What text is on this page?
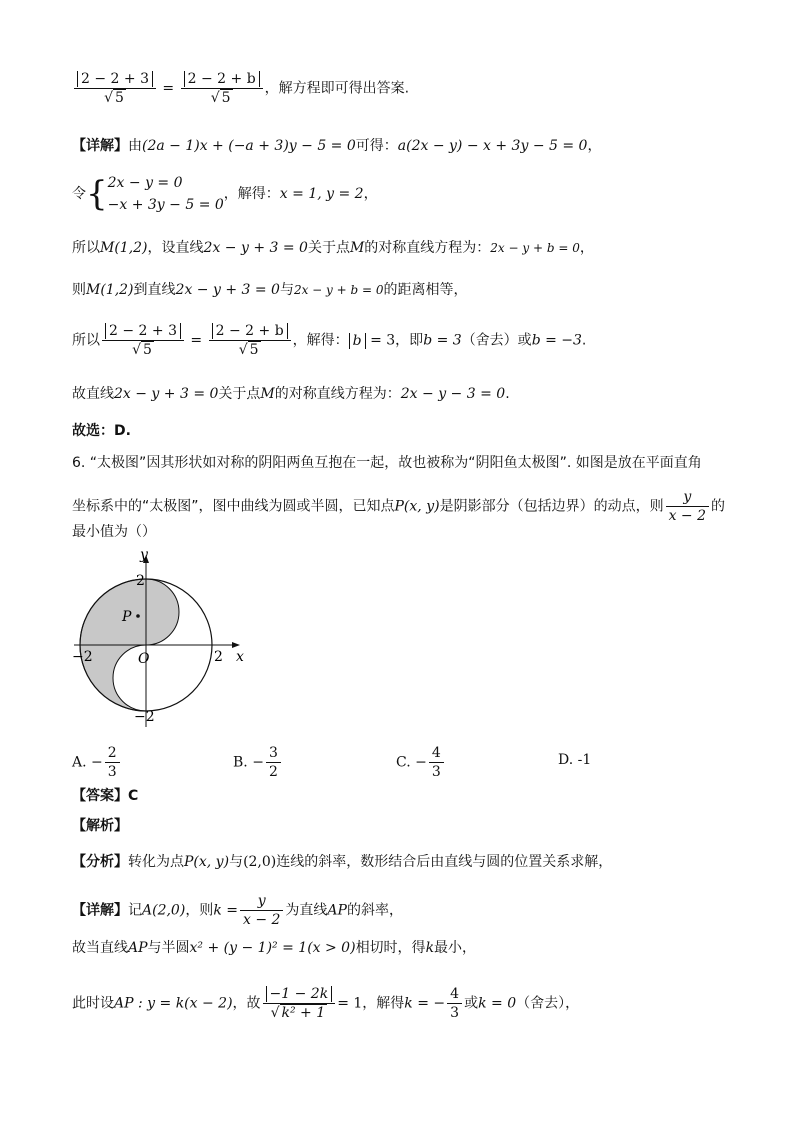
$\frac{2 - 2 + 3}{√ 5} = \frac{2 - 2 + b}{√ 5}$ ，解方程即可得出答案.
【详解】由(2a − 1)x + (−a + 3)y − 5 = 0可得：a(2x − y) − x + 3y − 5 = 0，
令{ 2x − y = 0
−x + 3y − 5 = 0
，解得：x = 1, y = 2，
所以M(1,2)，设直线2x − y + 3 = 0关于点M的对称直线方程为：2x − y + b = 0，
则M(1,2)到直线2x − y + 3 = 0与2x − y + b = 0的距离相等，
所以 $\frac{2 - 2 + 3}{√ 5} = \frac{2 - 2 + b}{√ 5}$ ，解得： b = 3，即b = 3（舍去）或b = −3.
故直线2x − y + 3 = 0关于点M的对称直线方程为：2x − y − 3 = 0.
故选：D.
6. “太极图”因其形状如对称的阴阳两鱼互抱在一起，故也被称为“阴阳鱼太极图”. 如图是放在平面直角
坐标系中的“太极图”，图中曲线为圆或半圆，已知点P(x, y)是阴影部分（包括边界）的动点，则 $\frac{y}{x - 2}$ 的
最小值为（）
P
y
x
O
2
−2
2
−2
A. − $\frac{2}{3}$	B. − $\frac{3}{2}$	C. − $\frac{4}{3}$	D. -1
【答案】C
【解析】
【分析】转化为点P(x, y)与(2,0)连线的斜率，数形结合后由直线与圆的位置关系求解，
【详解】记A(2,0)，则$k = \frac{y}{x - 2}$ 为直线AP的斜率，
故当直线AP与半圆x² + (y − 1)² = 1(x > 0)相切时，得k最小，
此时设AP : y = k(x − 2)，故 $\frac{-1 - 2k}{\text{√ k² + 1}} = 1$，解得k = − $\frac{4}{3}$ 或k = 0（舍去），
